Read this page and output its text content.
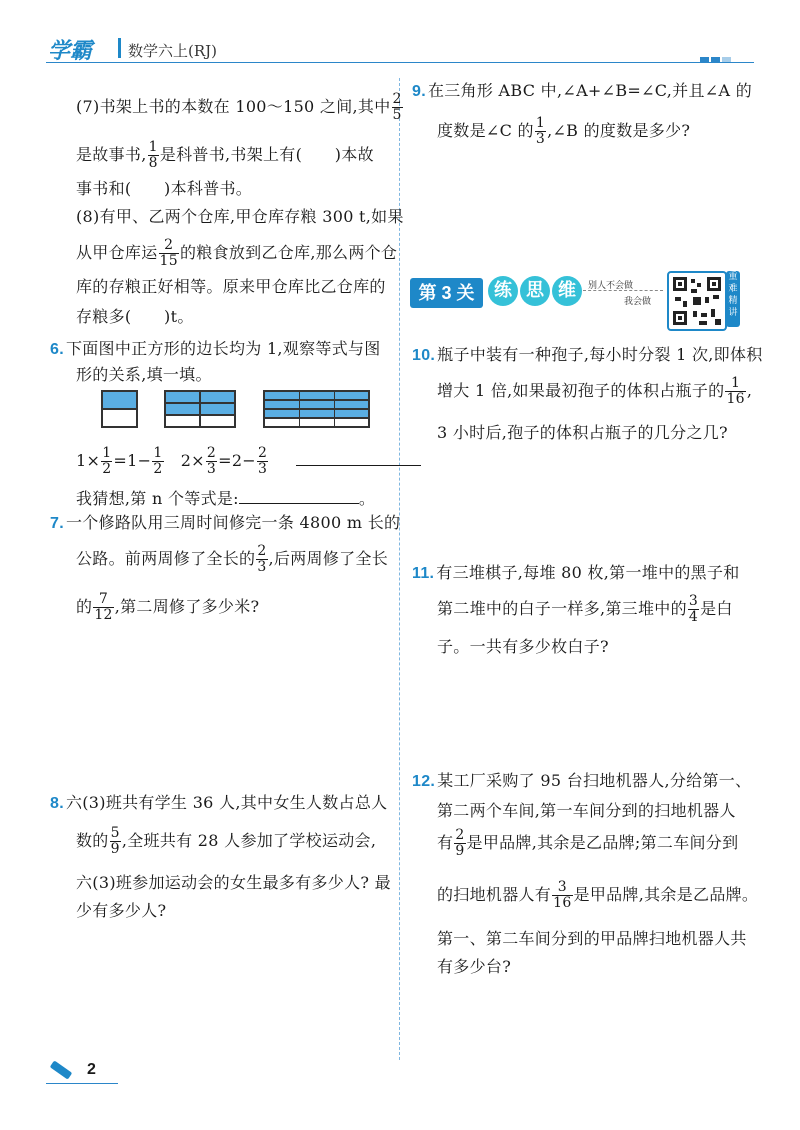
学霸 数学六上(RJ)
(7)书架上书的本数在 100～150 之间,其中 $\frac{2}{5}$
是故事书, $\frac{1}{8}$ 是科普书,书架上有(　　)本故
事书和(　　)本科普书。
(8)有甲、乙两个仓库,甲仓库存粮 300 t,如果
从甲仓库运 $\frac{2}{15}$ 的粮食放到乙仓库,那么两个仓
库的存粮正好相等。原来甲仓库比乙仓库的
存粮多(　　)t。
6. 下面图中正方形的边长均为 1,观察等式与图
形的关系,填一填。
$1\times \frac{1}{2} =1- \frac{1}{2} 2\times \frac{2}{3} =2- \frac{2}{3}$

我猜想,第 n 个等式是:	。
7. 一个修路队用三周时间修完一条 4800 m 长的
公路。前两周修了全长的 $\frac{2}{3}$ ,后两周修了全长
的 $\frac{7}{12}$ ,第二周修了多少米?
8. 六(3)班共有学生 36 人,其中女生人数占总人
数的 $\frac{5}{9}$ ,全班共有 28 人参加了学校运动会,
六(3)班参加运动会的女生最多有多少人? 最
少有多少人?
9. 在三角形 ABC 中,∠A+∠B=∠C,并且∠A 的
度数是∠C 的 $\frac{1}{3}$ ,∠B 的度数是多少?
第 3 关	练 思 维	别人不会做
我会做
重难精讲
10. 瓶子中装有一种孢子,每小时分裂 1 次,即体积
增大 1 倍,如果最初孢子的体积占瓶子的 $\frac{1}{16}$ ,
3 小时后,孢子的体积占瓶子的几分之几?
11. 有三堆棋子,每堆 80 枚,第一堆中的黑子和
第二堆中的白子一样多,第三堆中的 $\frac{3}{4}$ 是白
子。一共有多少枚白子?
12. 某工厂采购了 95 台扫地机器人,分给第一、
第二两个车间,第一车间分到的扫地机器人
有 $\frac{2}{9}$ 是甲品牌,其余是乙品牌;第二车间分到
的扫地机器人有 $\frac{3}{16}$ 是甲品牌,其余是乙品牌。
第一、第二车间分到的甲品牌扫地机器人共
有多少台?
2
